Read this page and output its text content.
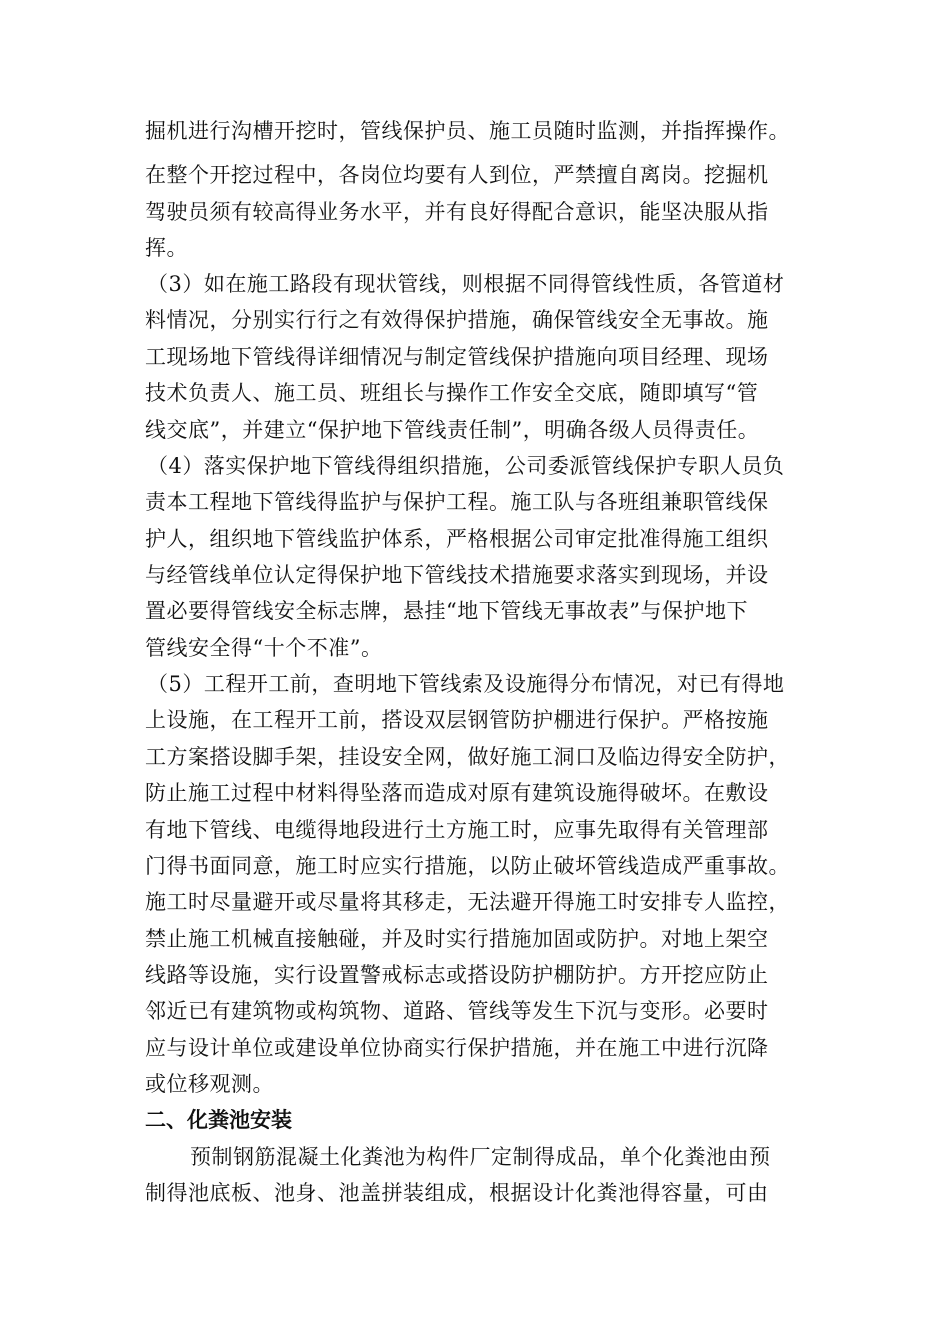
掘机进行沟槽开挖时，管线保护员、施工员随时监测，并指挥操作。
在整个开挖过程中，各岗位均要有人到位，严禁擅自离岗。挖掘机
驾驶员须有较高得业务水平，并有良好得配合意识，能坚决服从指
挥。
（3）如在施工路段有现状管线，则根据不同得管线性质，各管道材
料情况，分别实行行之有效得保护措施，确保管线安全无事故。施
工现场地下管线得详细情况与制定管线保护措施向项目经理、现场
技术负责人、施工员、班组长与操作工作安全交底，随即填写“管
线交底”，并建立“保护地下管线责任制”，明确各级人员得责任。
（4）落实保护地下管线得组织措施，公司委派管线保护专职人员负
责本工程地下管线得监护与保护工程。施工队与各班组兼职管线保
护人，组织地下管线监护体系，严格根据公司审定批准得施工组织
与经管线单位认定得保护地下管线技术措施要求落实到现场，并设
置必要得管线安全标志牌，悬挂“地下管线无事故表”与保护地下
管线安全得“十个不准”。
（5）工程开工前，查明地下管线索及设施得分布情况，对已有得地
上设施，在工程开工前，搭设双层钢管防护棚进行保护。严格按施
工方案搭设脚手架，挂设安全网，做好施工洞口及临边得安全防护，
防止施工过程中材料得坠落而造成对原有建筑设施得破坏。在敷设
有地下管线、电缆得地段进行土方施工时，应事先取得有关管理部
门得书面同意，施工时应实行措施，以防止破坏管线造成严重事故。
施工时尽量避开或尽量将其移走，无法避开得施工时安排专人监控，
禁止施工机械直接触碰，并及时实行措施加固或防护。对地上架空
线路等设施，实行设置警戒标志或搭设防护棚防护。方开挖应防止
邻近已有建筑物或构筑物、道路、管线等发生下沉与变形。必要时
应与设计单位或建设单位协商实行保护措施，并在施工中进行沉降
或位移观测。
二、化粪池安装
预制钢筋混凝土化粪池为构件厂定制得成品，单个化粪池由预
制得池底板、池身、池盖拼装组成，根据设计化粪池得容量，可由
